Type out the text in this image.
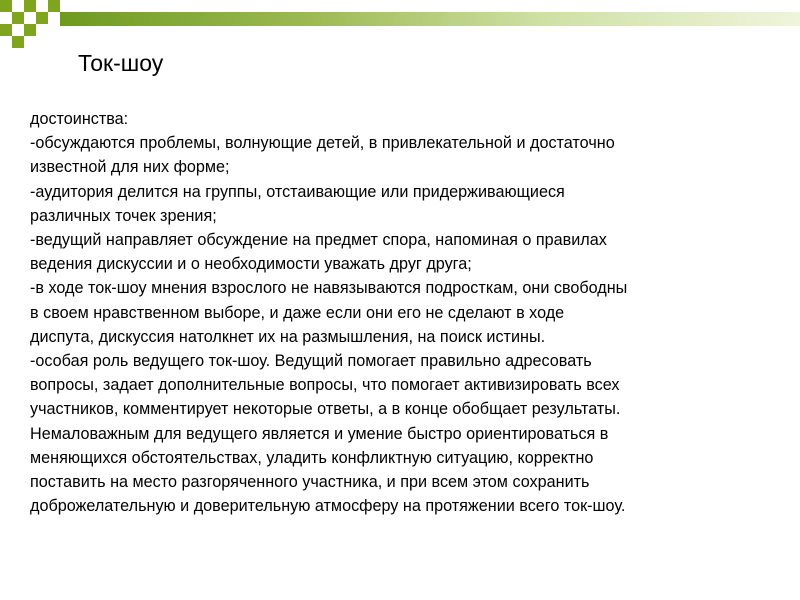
Ток-шоу

достоинства:

-обсуждаются проблемы, волнующие детей, в привлекательной и достаточно

известной для них форме;

-аудитория делится на группы, отстаивающие или придерживающиеся

различных точек зрения;

-ведущий направляет обсуждение на предмет спора, напоминая о правилах

ведения дискуссии и о необходимости уважать друг друга;

-в ходе ток-шоу мнения взрослого не навязываются подросткам, они свободны

в своем нравственном выборе, и даже если они его не сделают в ходе

диспута, дискуссия натолкнет их на размышления, на поиск истины.

-особая роль ведущего ток-шоу. Ведущий помогает правильно адресовать

вопросы, задает дополнительные вопросы, что помогает активизировать всех

участников, комментирует некоторые ответы, а в конце обобщает результаты.

Немаловажным для ведущего является и умение быстро ориентироваться в

меняющихся обстоятельствах, уладить конфликтную ситуацию, корректно

поставить на место разгоряченного участника, и при всем этом сохранить

доброжелательную и доверительную атмосферу на протяжении всего ток-шоу.
